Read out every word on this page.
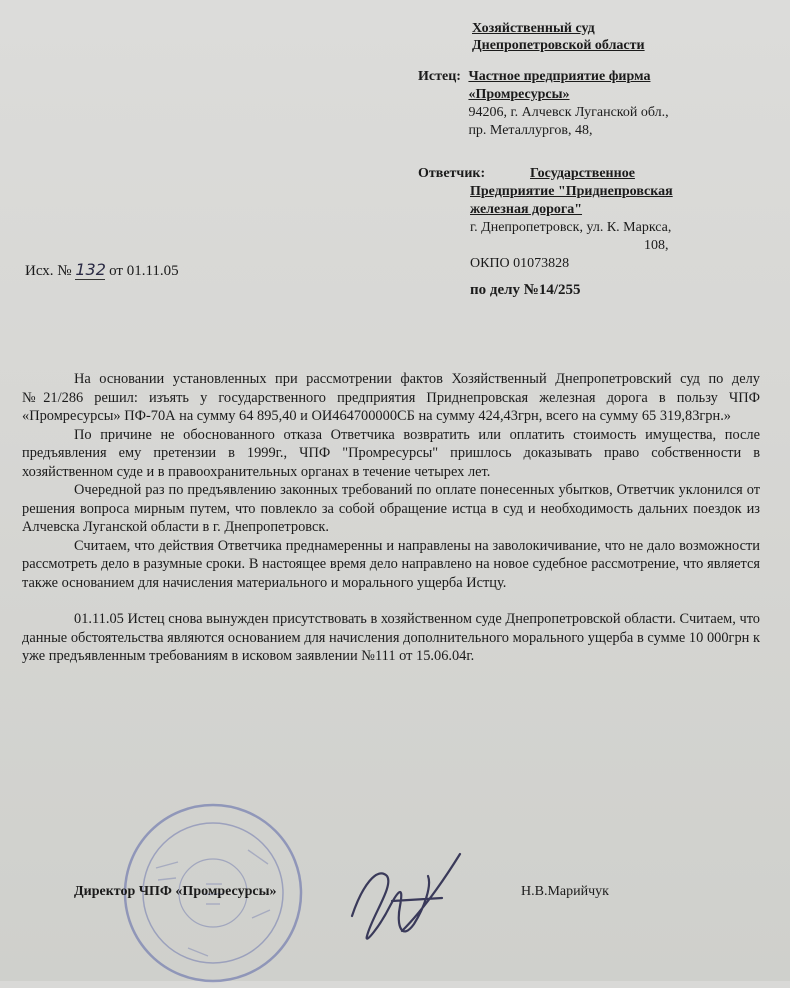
Хозяйственный суд
Днепропетровской области
Истец: Частное предприятие фирма
«Промресурсы»
94206, г. Алчевск Луганской обл.,
пр. Металлургов, 48,
Ответчик:	Государственное
Предприятие "Приднепровская
железная дорога"
г. Днепропетровск, ул. К. Маркса,
108,
ОКПО 01073828
Исх. № 132 от 01.11.05
по делу №14/255

На основании установленных при рассмотрении фактов Хозяйственный Днепропетровский суд по делу №21/286 решил: изъять у государственного предприятия Приднепровская железная дорога в пользу ЧПФ «Промресурсы» ПФ-70А на сумму 64 895,40 и ОИ464700000СБ на сумму 424,43грн, всего на сумму 65 319,83грн.»

По причине не обоснованного отказа Ответчика возвратить или оплатить стоимость имущества, после предъявления ему претензии в 1999г., ЧПФ "Промресурсы" пришлось доказывать право собственности в хозяйственном суде и в правоохранительных органах в течение четырех лет.

Очередной раз по предъявлению законных требований по оплате понесенных убытков, Ответчик уклонился от решения вопроса мирным путем, что повлекло за собой обращение истца в суд и необходимость дальних поездок из Алчевска Луганской области в г. Днепропетровск.

Считаем, что действия Ответчика преднамеренны и направлены на заволокичивание, что не дало возможности рассмотреть дело в разумные сроки. В настоящее время дело направлено на новое судебное рассмотрение, что является также основанием для начисления материального и морального ущерба Истцу.

01.11.05 Истец снова вынужден присутствовать в хозяйственном суде Днепропетровской области. Считаем, что данные обстоятельства являются основанием для начисления дополнительного морального ущерба в сумме 10 000грн к уже предъявленным требованиям в исковом заявлении №111 от 15.06.04г.

Директор ЧПФ «Промресурсы»	Н.В.Марийчук
